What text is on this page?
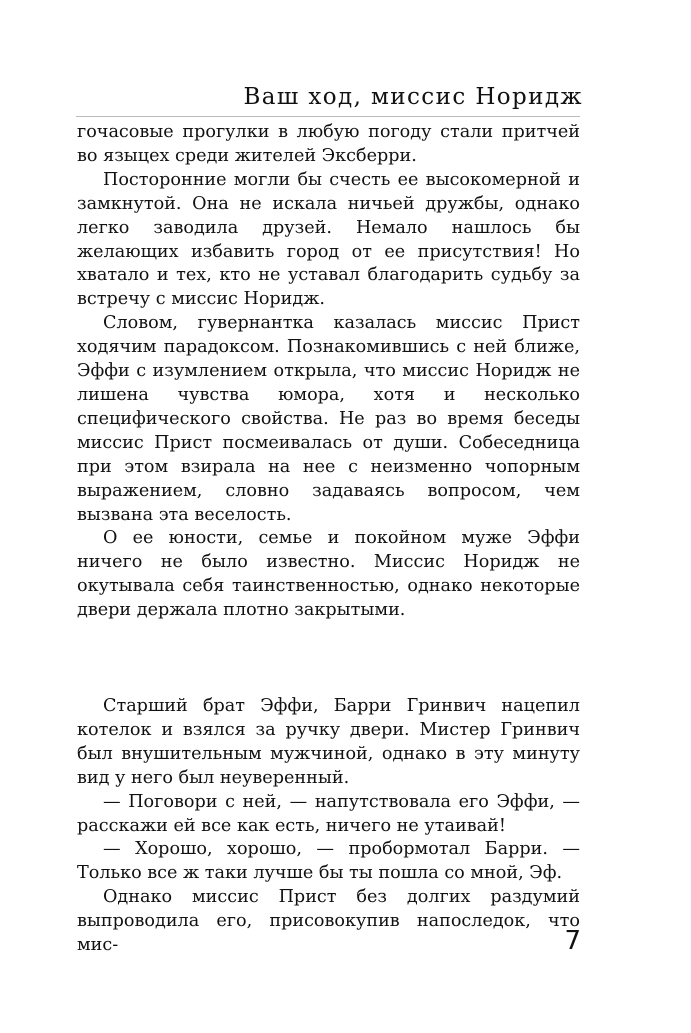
Ваш ход, миссис Норидж

гочасовые прогулки в любую погоду стали притчей во языцех среди жителей Эксберри.

Посторонние могли бы счесть ее высокомерной и замкнутой. Она не искала ничьей дружбы, однако легко заводила друзей. Немало нашлось бы желающих избавить город от ее присутствия! Но хватало и тех, кто не уставал благодарить судьбу за встречу с миссис Норидж.

Словом, гувернантка казалась миссис Прист ходячим парадоксом. Познакомившись с ней ближе, Эффи с изумлением открыла, что миссис Норидж не лишена чувства юмора, хотя и несколько специфического свойства. Не раз во время беседы миссис Прист посмеивалась от души. Собеседница при этом взирала на нее с неизменно чопорным выражением, словно задаваясь вопросом, чем вызвана эта веселость.

О ее юности, семье и покойном муже Эффи ничего не было известно. Миссис Норидж не окутывала себя таинственностью, однако некоторые двери держала плотно закрытыми.

Старший брат Эффи, Барри Гринвич нацепил котелок и взялся за ручку двери. Мистер Гринвич был внушительным мужчиной, однако в эту минуту вид у него был неуверенный.

— Поговори с ней, — напутствовала его Эффи, — расскажи ей все как есть, ничего не утаивай!

— Хорошо, хорошо, — пробормотал Барри. — Только все ж таки лучше бы ты пошла со мной, Эф.

Однако миссис Прист без долгих раздумий выпроводила его, присовокупив напоследок, что мис-	7
